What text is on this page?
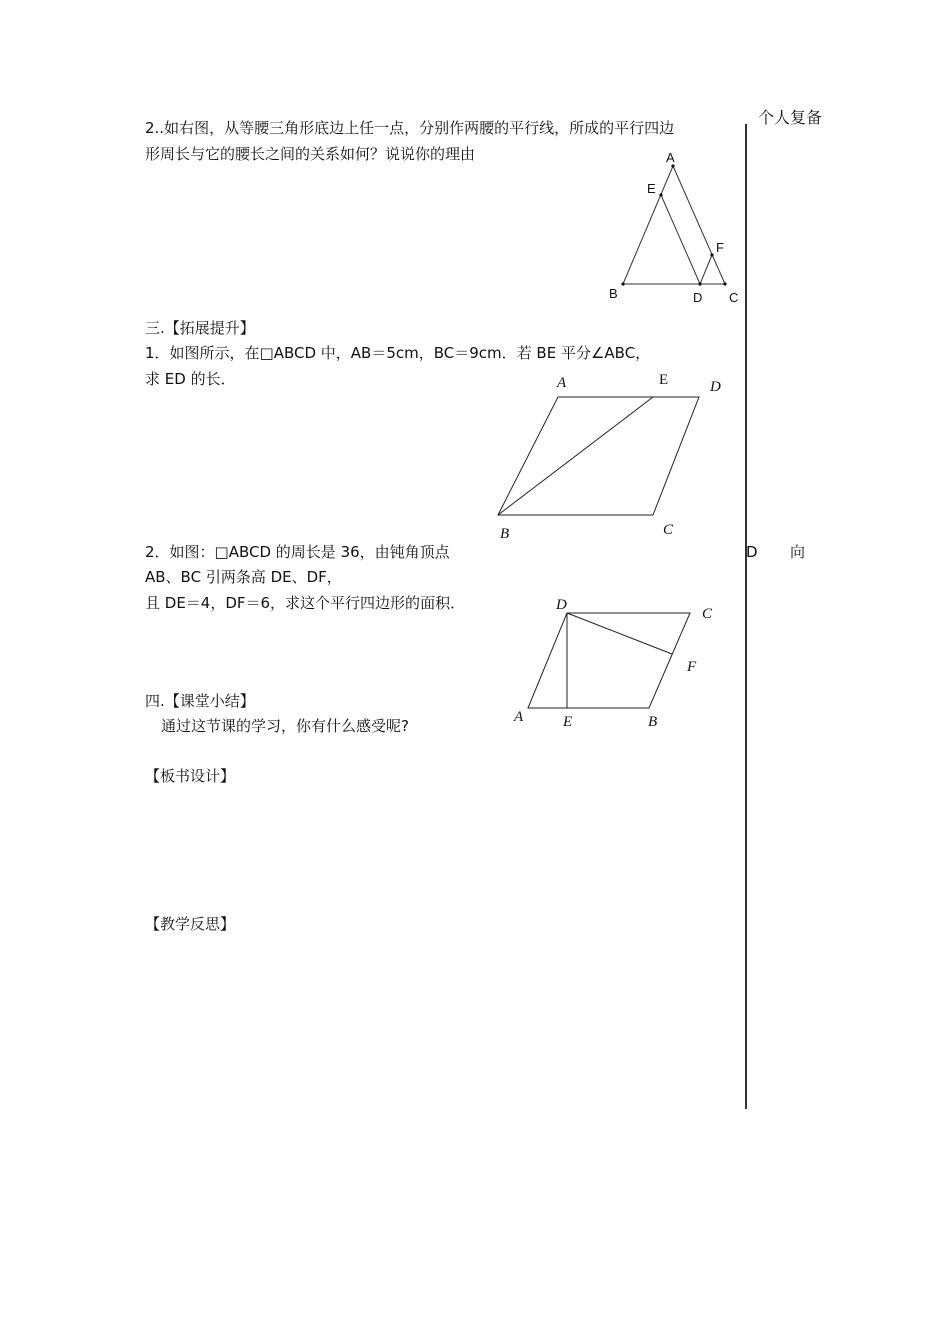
个人复备
D 向
2..如右图，从等腰三角形底边上任一点，分别作两腰的平行线，所成的平行四边
形周长与它的腰长之间的关系如何？说说你的理由	A
E
F
B	D C
A	E	D
B	C
D
C
F
A	E	B
三.【拓展提升】
1．如图所示，在□ABCD 中，AB＝5cm，BC＝9cm．若 BE 平分∠ABC，
求 ED 的长．
2．如图：□ABCD 的周长是 36，由钝角顶点
AB、BC 引两条高 DE、DF，
且 DE＝4，DF＝6，求这个平行四边形的面积．
四.【课堂小结】
通过这节课的学习，你有什么感受呢?
【板书设计】
【教学反思】
